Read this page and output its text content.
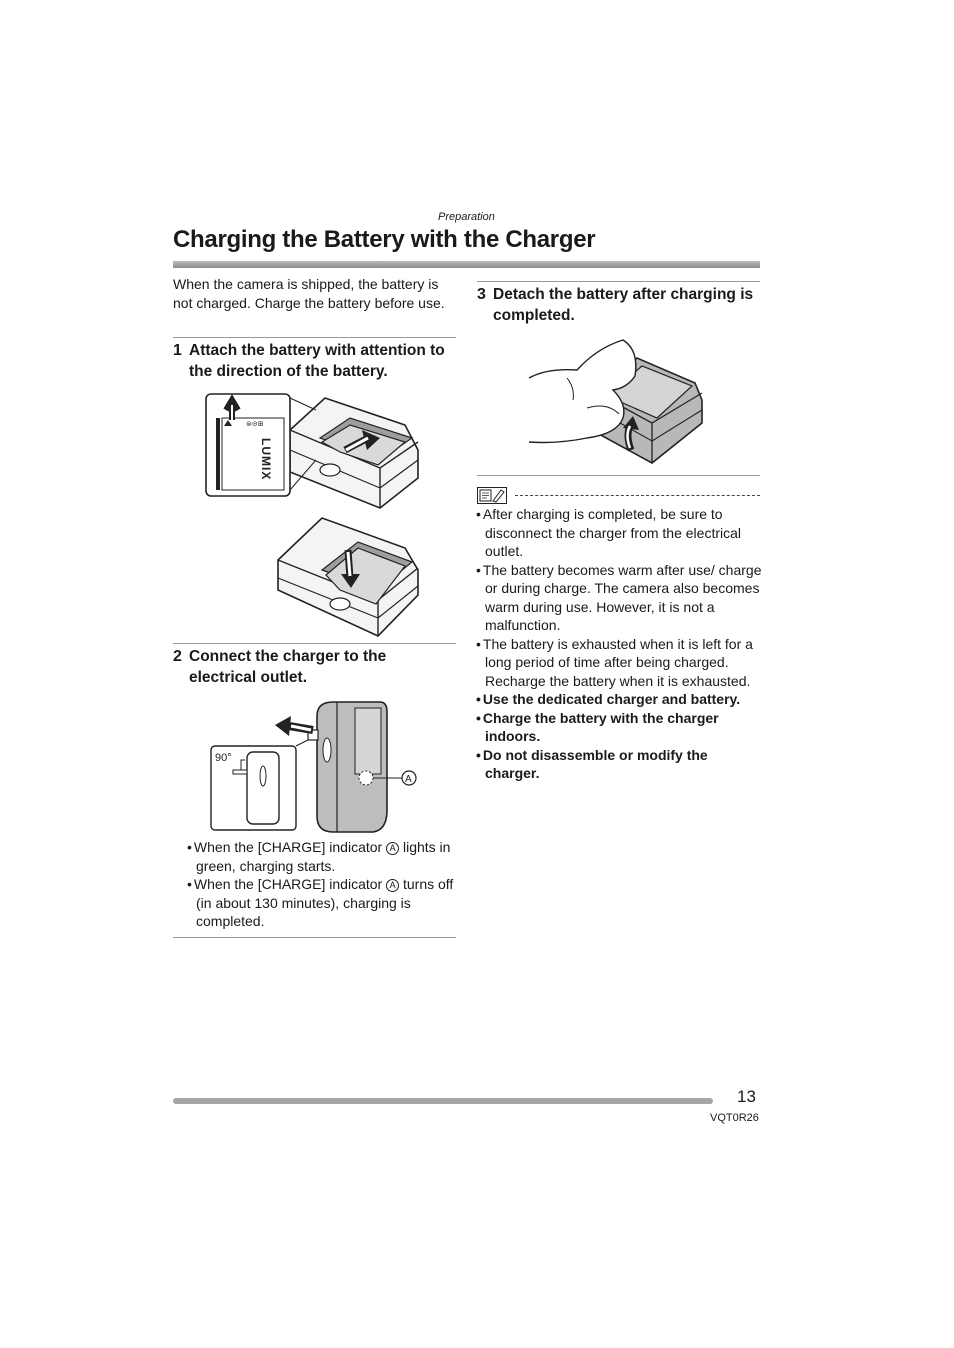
Preparation
Charging the Battery with the Charger
When the camera is shipped, the battery is not charged. Charge the battery before use.
1 Attach the battery with attention to the direction of the battery.
⊜⊝⊞
LUMIX
2 Connect the charger to the electrical outlet.
90°
A
• When the [CHARGE] indicator A lights in green, charging starts.
• When the [CHARGE] indicator A turns off (in about 130 minutes), charging is completed.
3 Detach the battery after charging is completed.
• After charging is completed, be sure to disconnect the charger from the electrical outlet.
• The battery becomes warm after use/ charge or during charge. The camera also becomes warm during use. However, it is not a malfunction.
• The battery is exhausted when it is left for a long period of time after being charged. Recharge the battery when it is exhausted.
• Use the dedicated charger and battery.
• Charge the battery with the charger indoors.
• Do not disassemble or modify the charger.
13
VQT0R26
